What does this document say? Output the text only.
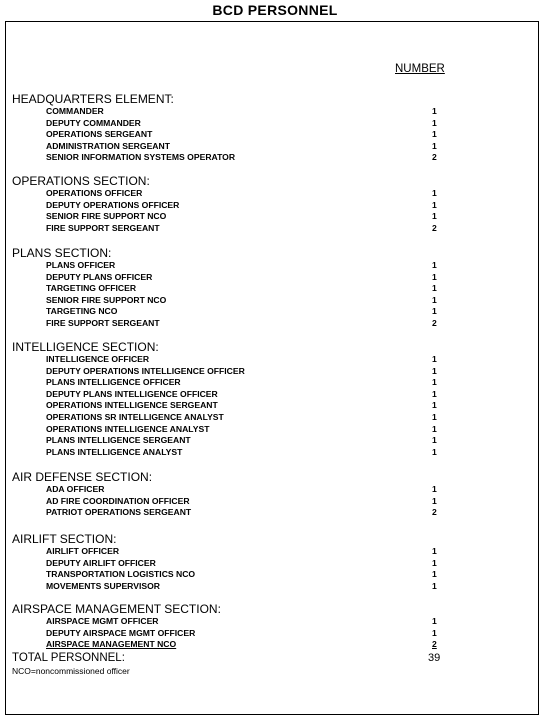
BCD PERSONNEL
NUMBER
HEADQUARTERS ELEMENT:
COMMANDER	1
DEPUTY COMMANDER	1
OPERATIONS SERGEANT	1
ADMINISTRATION SERGEANT	1
SENIOR INFORMATION SYSTEMS OPERATOR	2
OPERATIONS SECTION:
OPERATIONS OFFICER	1
DEPUTY OPERATIONS OFFICER	1
SENIOR FIRE SUPPORT NCO	1
FIRE SUPPORT SERGEANT	2
PLANS SECTION:
PLANS OFFICER	1
DEPUTY PLANS OFFICER	1
TARGETING OFFICER	1
SENIOR FIRE SUPPORT NCO	1
TARGETING NCO	1
FIRE SUPPORT SERGEANT	2
INTELLIGENCE SECTION:
INTELLIGENCE OFFICER	1
DEPUTY OPERATIONS INTELLIGENCE OFFICER	1
PLANS INTELLIGENCE OFFICER	1
DEPUTY PLANS INTELLIGENCE OFFICER	1
OPERATIONS INTELLIGENCE SERGEANT	1
OPERATIONS SR INTELLIGENCE ANALYST	1
OPERATIONS INTELLIGENCE ANALYST	1
PLANS INTELLIGENCE SERGEANT	1
PLANS INTELLIGENCE ANALYST	1
AIR DEFENSE SECTION:
ADA OFFICER	1
AD FIRE COORDINATION OFFICER	1
PATRIOT OPERATIONS SERGEANT	2
AIRLIFT SECTION:
AIRLIFT OFFICER	1
DEPUTY AIRLIFT OFFICER	1
TRANSPORTATION LOGISTICS NCO	1
MOVEMENTS SUPERVISOR	1
AIRSPACE MANAGEMENT SECTION:
AIRSPACE MGMT OFFICER	1
DEPUTY AIRSPACE MGMT OFFICER	1
AIRSPACE MANAGEMENT NCO	2
TOTAL PERSONNEL:	39
NCO=noncommissioned officer
